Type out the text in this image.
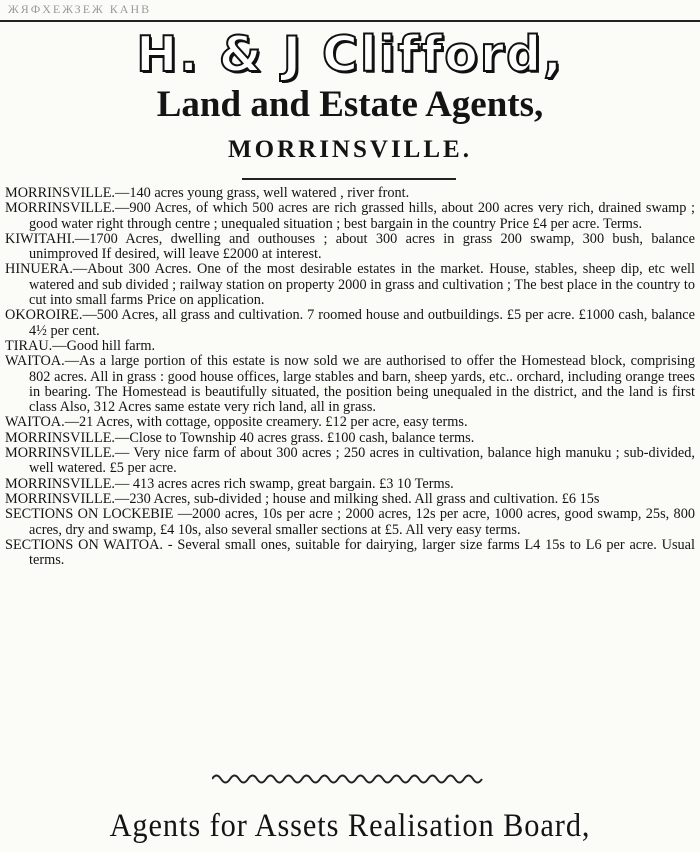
ЖЯФХЕЖЗЕЖ КАНВ
H. & J Clifford,
Land and Estate Agents,
MORRINSVILLE.
MORRINSVILLE.—140 acres young grass, well watered , river front.
MORRINSVILLE.—900 Acres, of which 500 acres are rich grassed hills, about 200 acres very rich, drained swamp ; good water right through centre ; unequaled situation ; best bargain in the country Price £4 per acre. Terms.
KIWITAHI.—1700 Acres, dwelling and outhouses ; about 300 acres in grass 200 swamp, 300 bush, balance unimproved If desired, will leave £2000 at interest.
HINUERA.—About 300 Acres. One of the most desirable estates in the market. House, stables, sheep dip, etc well watered and sub divided ; railway station on property 2000 in grass and cultivation ; The best place in the country to cut into small farms Price on application.
OKOROIRE.—500 Acres, all grass and cultivation. 7 roomed house and outbuildings. £5 per acre. £1000 cash, balance 4½ per cent.
TIRAU.—Good hill farm.
WAITOA.—As a large portion of this estate is now sold we are authorised to offer the Homestead block, comprising 802 acres. All in grass : good house offices, large stables and barn, sheep yards, etc.. orchard, including orange trees in bearing. The Homestead is beautifully situated, the position being unequaled in the district, and the land is first class Also, 312 Acres same estate very rich land, all in grass.
WAITOA.—21 Acres, with cottage, opposite creamery. £12 per acre, easy terms.
MORRINSVILLE.—Close to Township 40 acres grass. £100 cash, balance terms.
MORRINSVILLE.— Very nice farm of about 300 acres ; 250 acres in cultivation, balance high manuku ; sub-divided, well watered. £5 per acre.
MORRINSVILLE.— 413 acres acres rich swamp, great bargain. £3 10 Terms.
MORRINSVILLE.—230 Acres, sub-divided ; house and milking shed. All grass and cultivation. £6 15s
SECTIONS ON LOCKEBIE —2000 acres, 10s per acre ; 2000 acres, 12s per acre, 1000 acres, good swamp, 25s, 800 acres, dry and swamp, £4 10s, also several smaller sections at £5. All very easy terms.
SECTIONS ON WAITOA. - Several small ones, suitable for dairying, larger size farms L4 15s to L6 per acre. Usual terms.
Agents for Assets Realisation Board,
